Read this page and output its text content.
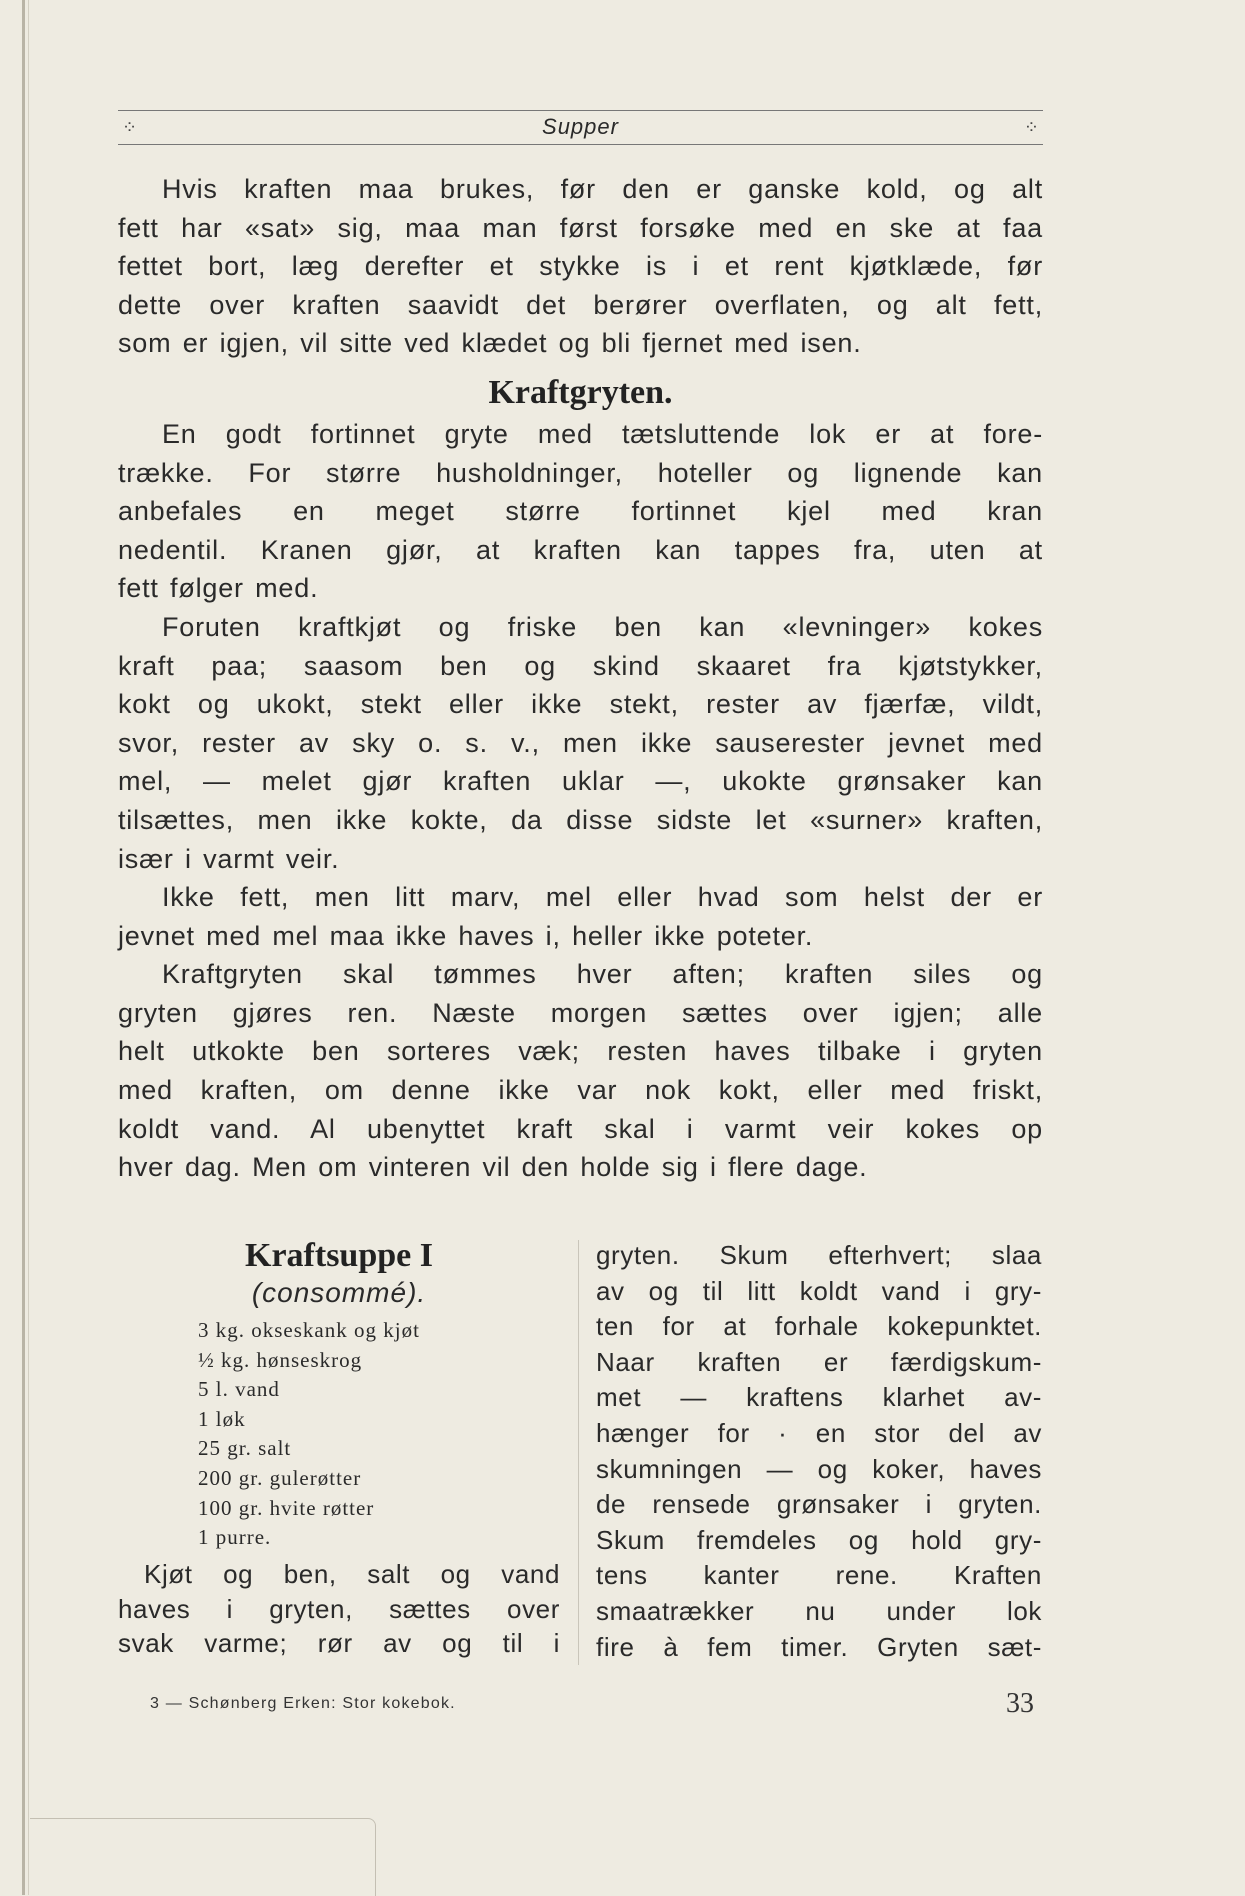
⁘	Supper	⁘

Hvis kraften maa brukes, før den er ganske kold, og alt

fett har «sat» sig, maa man først forsøke med en ske at faa

fettet bort, læg derefter et stykke is i et rent kjøtklæde, før

dette over kraften saavidt det berører overflaten, og alt fett,

som er igjen, vil sitte ved klædet og bli fjernet med isen.

Kraftgryten.

En godt fortinnet gryte med tætsluttende lok er at fore-

trække. For større husholdninger, hoteller og lignende kan

anbefales en meget større fortinnet kjel med kran

nedentil. Kranen gjør, at kraften kan tappes fra, uten at

fett følger med.

Foruten kraftkjøt og friske ben kan «levninger» kokes

kraft paa; saasom ben og skind skaaret fra kjøtstykker,

kokt og ukokt, stekt eller ikke stekt, rester av fjærfæ, vildt,

svor, rester av sky o. s. v., men ikke sauserester jevnet med

mel, — melet gjør kraften uklar —, ukokte grønsaker kan

tilsættes, men ikke kokte, da disse sidste let «surner» kraften,

især i varmt veir.

Ikke fett, men litt marv, mel eller hvad som helst der er

jevnet med mel maa ikke haves i, heller ikke poteter.

Kraftgryten skal tømmes hver aften; kraften siles og

gryten gjøres ren. Næste morgen sættes over igjen; alle

helt utkokte ben sorteres væk; resten haves tilbake i gryten

med kraften, om denne ikke var nok kokt, eller med friskt,

koldt vand. Al ubenyttet kraft skal i varmt veir kokes op

hver dag. Men om vinteren vil den holde sig i flere dage.

Kraftsuppe I

(consommé).

3 kg. okseskank og kjøt
½ kg. hønseskrog
5 l. vand
1 løk
25 gr. salt
200 gr. gulerøtter
100 gr. hvite røtter
1 purre.

Kjøt og ben, salt og vand

haves i gryten, sættes over

svak varme; rør av og til i

gryten. Skum efterhvert; slaa

av og til litt koldt vand i gry-

ten for at forhale kokepunktet.

Naar kraften er færdigskum-

met — kraftens klarhet av-

hænger for · en stor del av

skumningen — og koker, haves

de rensede grønsaker i gryten.

Skum fremdeles og hold gry-

tens kanter rene. Kraften

smaatrækker nu under lok

fire à fem timer. Gryten sæt-

3 — Schønberg Erken: Stor kokebok.	33
